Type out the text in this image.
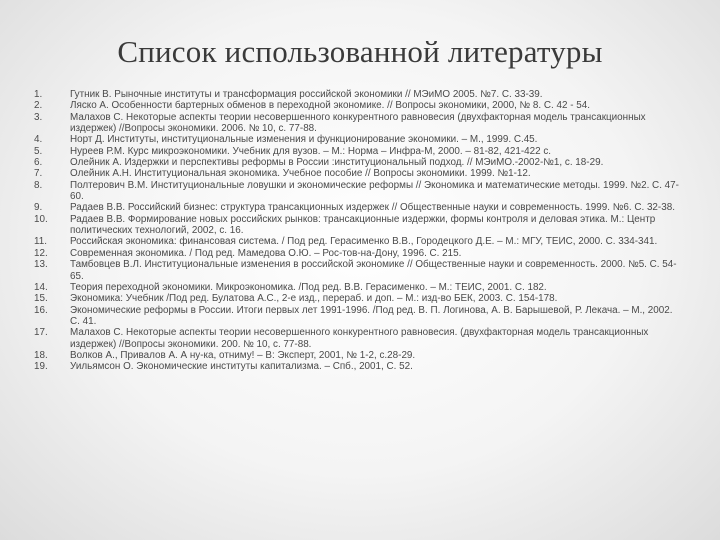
Список использованной литературы
1.	Гутник В. Рыночные институты и трансформация российской экономики // МЭиМО 2005. №7. С. 33-39.
2.	Ляско А. Особенности бартерных обменов в переходной экономике. // Вопросы экономики, 2000, № 8. С. 42 - 54.
3.	Малахов С. Некоторые аспекты теории несовершенного конкурентного равновесия (двухфакторная модель трансакционных издержек) //Вопросы экономики. 2006. № 10, с. 77-88.
4.	Норт Д. Институты, институциональные изменения и функционирование экономики. – М., 1999. С.45.
5.	Нуреев Р.М. Курс микроэкономики. Учебник для вузов. – М.: Норма – Инфра-М, 2000. – 81-82, 421-422 с.
6.	Олейник А. Издержки и перспективы реформы в России :институциональный подход. // МЭиМО.-2002-№1, с. 18-29.
7.	Олейник А.Н. Институциональная экономика. Учебное пособие // Вопросы экономики. 1999. №1-12.
8.	Полтерович В.М. Институциональные ловушки и экономические реформы // Экономика и математические методы. 1999. №2. С. 47-60.
9.	Радаев В.В. Российский бизнес: структура трансакционных издержек // Общественные науки и современность. 1999. №6. С. 32-38.
10.	Радаев В.В. Формирование новых российских рынков: трансакционные издержки, формы контроля и деловая этика. М.: Центр политических технологий, 2002, с. 16.
11.	Российская экономика: финансовая система. / Под ред. Герасименко В.В., Городецкого Д.Е. – М.: МГУ, ТЕИС, 2000. С. 334-341.
12.	Современная экономика. / Под ред. Мамедова О.Ю. – Рос-тов-на-Дону, 1996. С. 215.
13.	Тамбовцев В.Л. Институциональные изменения в российской экономике // Общественные науки и современность. 2000. №5. С. 54-65.
14.	Теория переходной экономики. Микроэкономика. /Под ред. В.В. Герасименко. – М.: ТЕИС, 2001. С. 182.
15.	Экономика: Учебник /Под ред. Булатова А.С., 2-е изд., перераб. и доп. – М.: изд-во БЕК, 2003. С. 154-178.
16.	Экономические реформы в России. Итоги первых лет 1991-1996. /Под ред. В. П. Логинова, А. В. Барышевой, Р. Лекача. – М., 2002. С. 41.
17.	Малахов С. Некоторые аспекты теории несовершенного конкурентного равновесия. (двухфакторная модель трансакционных издержек) //Вопросы экономики. 200. № 10, с. 77-88.
18.	Волков А., Привалов А. А ну-ка, отниму! – В: Эксперт, 2001, № 1-2, с.28-29.
19.	Уильямсон О. Экономические институты капитализма. – Спб., 2001, С. 52.
